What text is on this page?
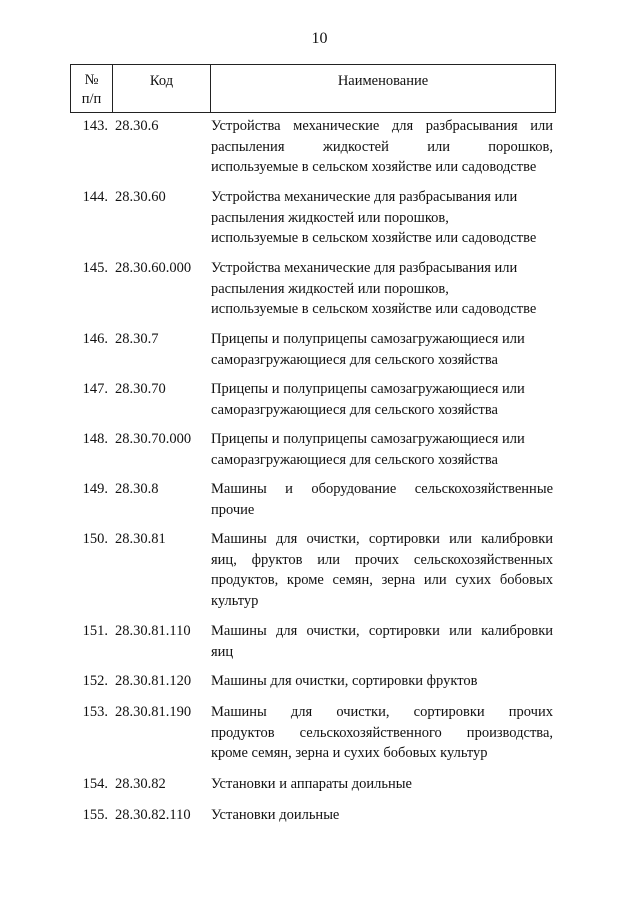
10
№
п/п
Код	Наименование
143. 28.30.6	Устройства механические для разбрасывания или
распыления жидкостей или порошков,
используемые в сельском хозяйстве или садоводстве
144. 28.30.60	Устройства механические для разбрасывания или
распыления жидкостей или порошков,
используемые в сельском хозяйстве или садоводстве
145. 28.30.60.000	Устройства механические для разбрасывания или
распыления жидкостей или порошков,
используемые в сельском хозяйстве или садоводстве
146. 28.30.7	Прицепы и полуприцепы самозагружающиеся или
саморазгружающиеся для сельского хозяйства
147. 28.30.70	Прицепы и полуприцепы самозагружающиеся или
саморазгружающиеся для сельского хозяйства
148. 28.30.70.000	Прицепы и полуприцепы самозагружающиеся или
саморазгружающиеся для сельского хозяйства
149. 28.30.8	Машины и оборудование сельскохозяйственные
прочие
150. 28.30.81	Машины для очистки, сортировки или калибровки
яиц, фруктов или прочих сельскохозяйственных
продуктов, кроме семян, зерна или сухих бобовых
культур
151. 28.30.81.110	Машины для очистки, сортировки или калибровки
яиц
152. 28.30.81.120	Машины для очистки, сортировки фруктов
153. 28.30.81.190	Машины для очистки, сортировки прочих
продуктов сельскохозяйственного производства,
кроме семян, зерна и сухих бобовых культур
154. 28.30.82	Установки и аппараты доильные
155. 28.30.82.110	Установки доильные
